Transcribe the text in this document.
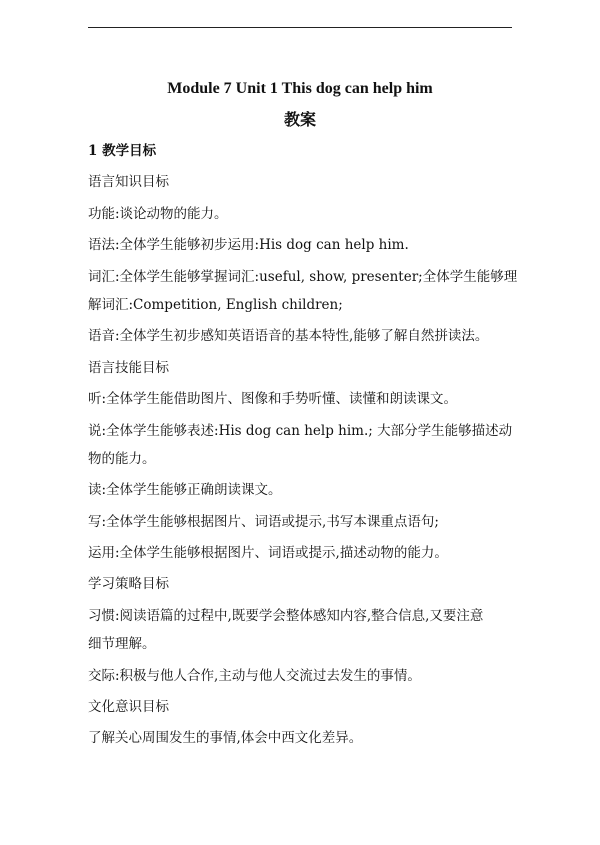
Module 7 Unit 1 This dog can help him
教案

1 教学目标

语言知识目标

功能:谈论动物的能力。

语法:全体学生能够初步运用:His dog can help him.

词汇:全体学生能够掌握词汇:useful, show, presenter;全体学生能够理

解词汇:Competition, English children;

语音:全体学生初步感知英语语音的基本特性,能够了解自然拼读法。

语言技能目标

听:全体学生能借助图片、图像和手势听懂、读懂和朗读课文。

说:全体学生能够表述:His dog can help him.; 大部分学生能够描述动

物的能力。

读:全体学生能够正确朗读课文。

写:全体学生能够根据图片、词语或提示,书写本课重点语句;

运用:全体学生能够根据图片、词语或提示,描述动物的能力。

学习策略目标

习惯:阅读语篇的过程中,既要学会整体感知内容,整合信息,又要注意

细节理解。

交际:积极与他人合作,主动与他人交流过去发生的事情。

文化意识目标

了解关心周围发生的事情,体会中西文化差异。
